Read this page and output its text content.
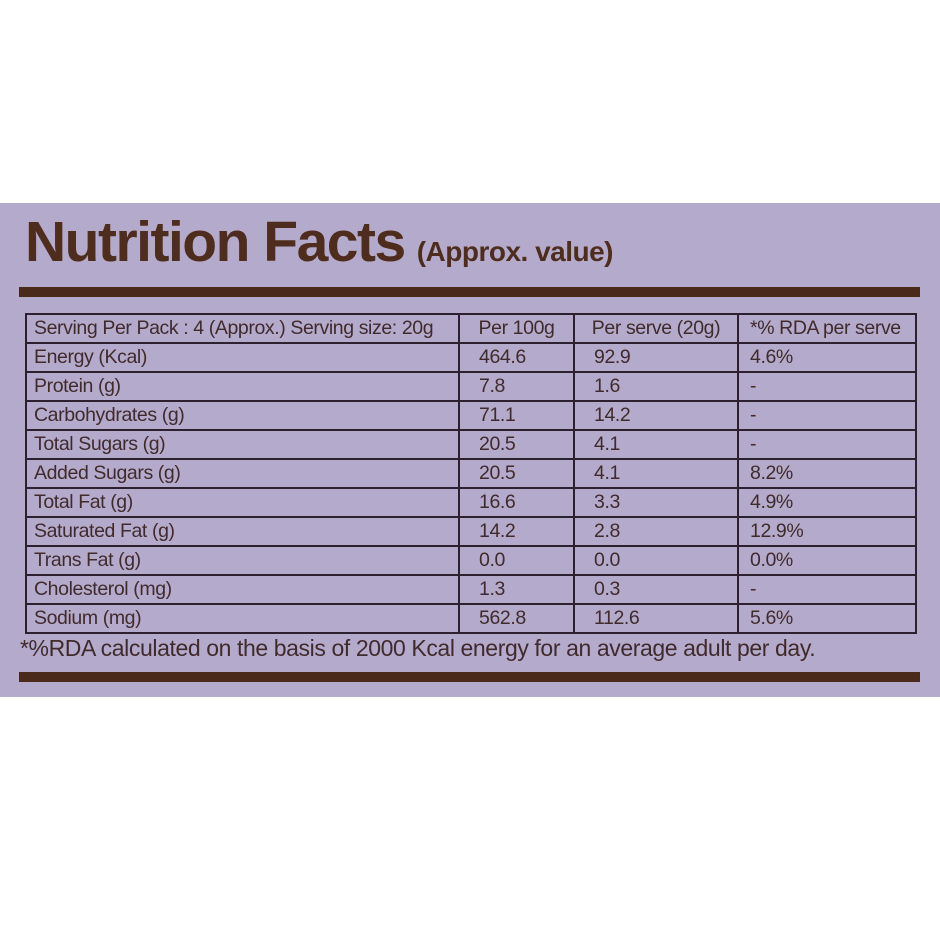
Nutrition Facts (Approx. value)
Serving Per Pack : 4 (Approx.) Serving size: 20g	Per 100g	Per serve (20g)	*% RDA per serve
Energy (Kcal)	464.6	92.9	4.6%
Protein (g)	7.8	1.6	-
Carbohydrates (g)	71.1	14.2	-
Total Sugars (g)	20.5	4.1	-
Added Sugars (g)	20.5	4.1	8.2%
Total Fat (g)	16.6	3.3	4.9%
Saturated Fat (g)	14.2	2.8	12.9%
Trans Fat (g)	0.0	0.0	0.0%
Cholesterol (mg)	1.3	0.3	-
Sodium (mg)	562.8	112.6	5.6%
*%RDA calculated on the basis of 2000 Kcal energy for an average adult per day.
